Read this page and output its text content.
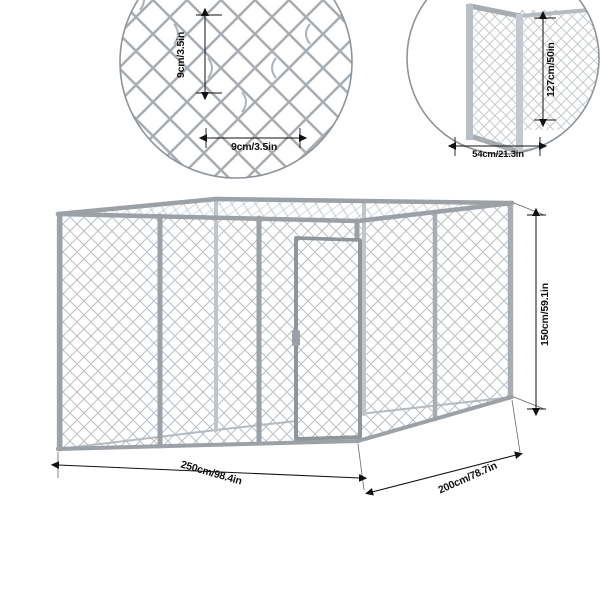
9cm/3.5in
9cm/3.5in
127cm/50in
54cm/21.3in
150cm/59.1in
250cm/98.4in	200cm/78.7in
